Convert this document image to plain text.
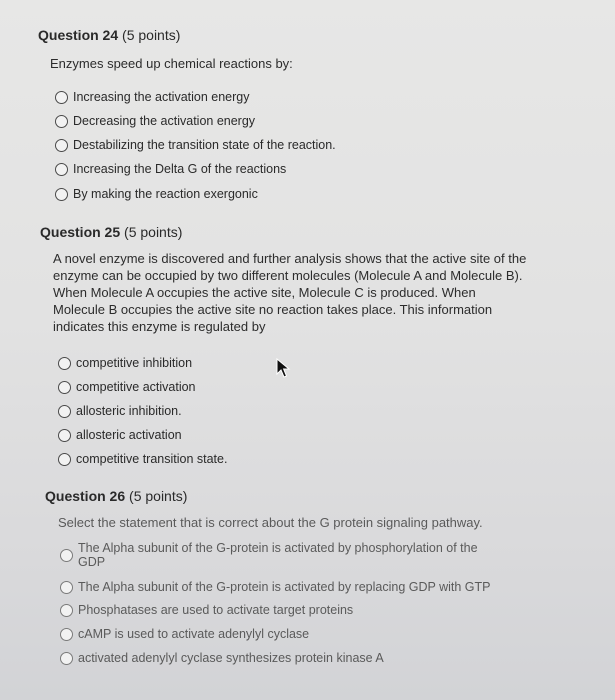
Question 24 (5 points)
Enzymes speed up chemical reactions by:
Increasing the activation energy
Decreasing the activation energy
Destabilizing the transition state of the reaction.
Increasing the Delta G of the reactions
By making the reaction exergonic
Question 25 (5 points)
A novel enzyme is discovered and further analysis shows that the active site of the
enzyme can be occupied by two different molecules (Molecule A and Molecule B).
When Molecule A occupies the active site, Molecule C is produced. When
Molecule B occupies the active site no reaction takes place. This information
indicates this enzyme is regulated by
competitive inhibition
competitive activation
allosteric inhibition.
allosteric activation
competitive transition state.
Question 26 (5 points)
Select the statement that is correct about the G protein signaling pathway.
The Alpha subunit of the G-protein is activated by phosphorylation of the
GDP
The Alpha subunit of the G-protein is activated by replacing GDP with GTP
Phosphatases are used to activate target proteins
cAMP is used to activate adenylyl cyclase
activated adenylyl cyclase synthesizes protein kinase A
